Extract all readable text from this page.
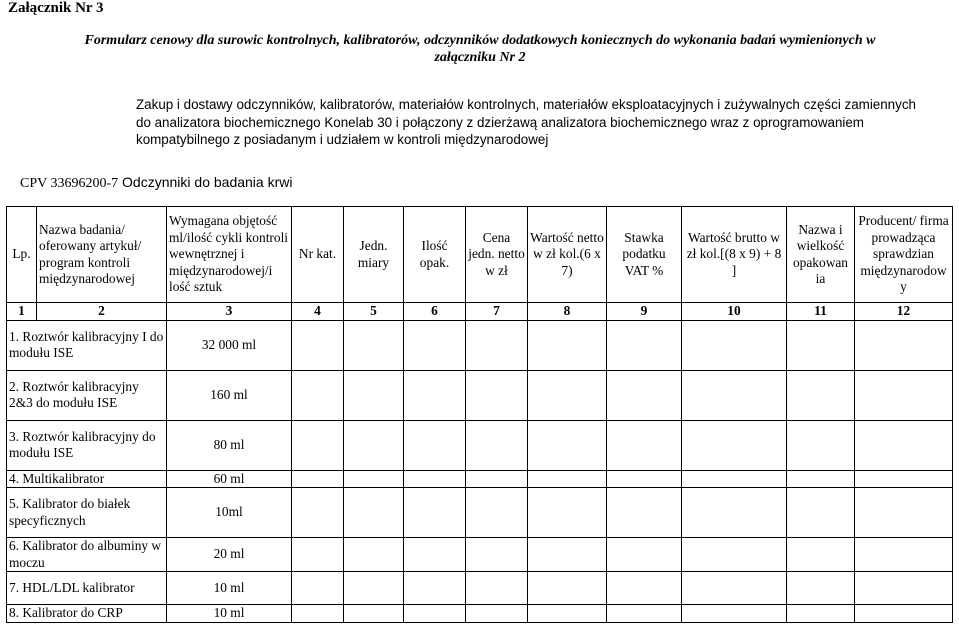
Załącznik Nr 3
Formularz cenowy dla surowic kontrolnych, kalibratorów, odczynników dodatkowych koniecznych do wykonania badań wymienionych w
załączniku Nr 2
Zakup i dostawy odczynników, kalibratorów, materiałów kontrolnych, materiałów eksploatacyjnych i zużywalnych części zamiennych do analizatora biochemicznego Konelab 30 i połączony z dzierżawą analizatora biochemicznego wraz z oprogramowaniem kompatybilnego z posiadanym i udziałem w kontroli międzynarodowej
CPV 33696200-7 Odczynniki do badania krwi
Lp.	Nazwa badania/ oferowany artykuł/ program kontroli międzynarodowej	Wymagana objętość ml/ilość cykli kontroli wewnętrznej i międzynarodowej/i lość sztuk	Nr kat.	Jedn. miary	Ilość opak.	Cena jedn. netto w zł	Wartość netto w zł kol.(6 x 7)	Stawka podatku VAT %	Wartość brutto w zł kol.[(8 x 9) + 8 ]	Nazwa i wielkość opakowan ia	Producent/ firma prowadząca sprawdzian międzynarodow y
1	2	3	4	5	6	7	8	9	10	11	12
1. Roztwór kalibracyjny I do modułu ISE		32 000 ml									
2. Roztwór kalibracyjny 2&3 do modułu ISE		160 ml									
3. Roztwór kalibracyjny do modułu ISE		80 ml									
4. Multikalibrator		60 ml									
5. Kalibrator do białek specyficznych		10ml									
6. Kalibrator do albuminy w moczu		20 ml									
7. HDL/LDL kalibrator		10 ml									
8. Kalibrator do CRP		10 ml									
